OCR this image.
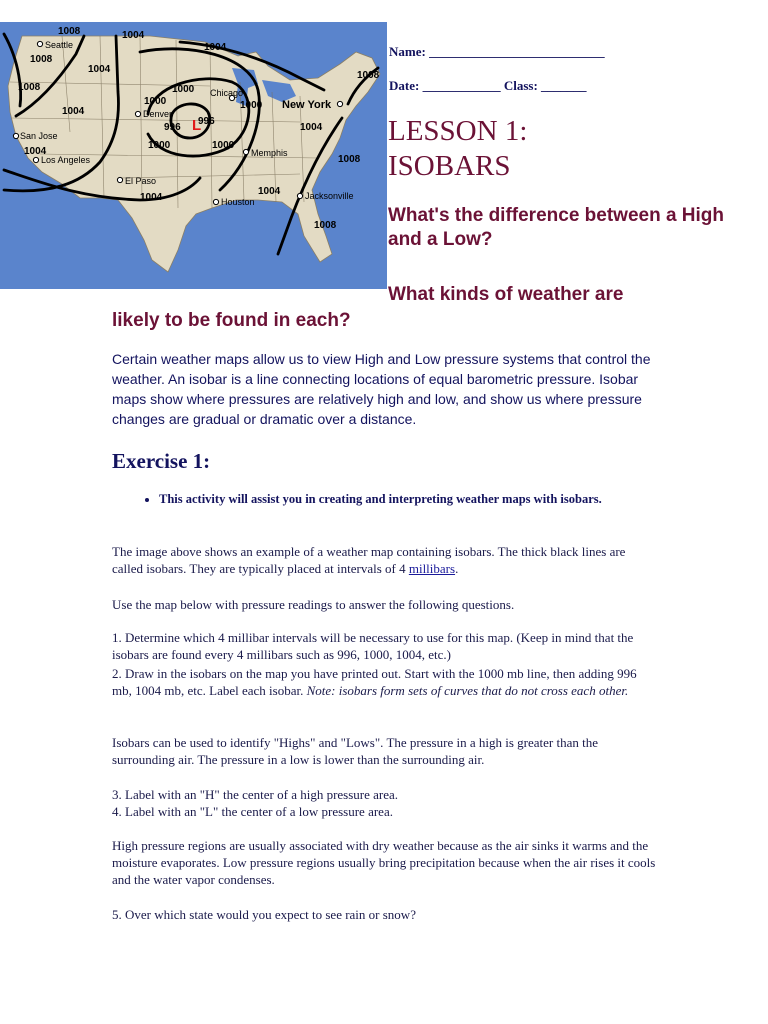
L
1008	1004
1004
1008
1008
1004
1004
1000
1000	1000
996
996
1000	1000
1004
1004
1004
1004
1008
1008
1008
Seattle
Chicago
Denver
New York
San Jose
Los Angeles
Memphis
El Paso
Houston
Jacksonville
Name: ___________________________
Date: ____________ Class: _______
LESSON 1:
ISOBARS
What's the difference between a High and a Low?
What kinds of weather are
likely to be found in each?

Certain weather maps allow us to view High and Low pressure systems that control the weather. An isobar is a line connecting locations of equal barometric pressure. Isobar maps show where pressures are relatively high and low, and show us where pressure changes are gradual or dramatic over a distance.

Exercise 1:
• This activity will assist you in creating and interpreting weather maps with isobars.

The image above shows an example of a weather map containing isobars. The thick black lines are called isobars. They are typically placed at intervals of 4 millibars.

Use the map below with pressure readings to answer the following questions.

1. Determine which 4 millibar intervals will be necessary to use for this map. (Keep in mind that the isobars are found every 4 millibars such as 996, 1000, 1004, etc.)

2. Draw in the isobars on the map you have printed out. Start with the 1000 mb line, then adding 996 mb, 1004 mb, etc. Label each isobar. Note: isobars form sets of curves that do not cross each other.

Isobars can be used to identify "Highs" and "Lows". The pressure in a high is greater than the surrounding air. The pressure in a low is lower than the surrounding air.

3. Label with an "H" the center of a high pressure area.

4. Label with an "L" the center of a low pressure area.

High pressure regions are usually associated with dry weather because as the air sinks it warms and the moisture evaporates. Low pressure regions usually bring precipitation because when the air rises it cools and the water vapor condenses.

5. Over which state would you expect to see rain or snow?
